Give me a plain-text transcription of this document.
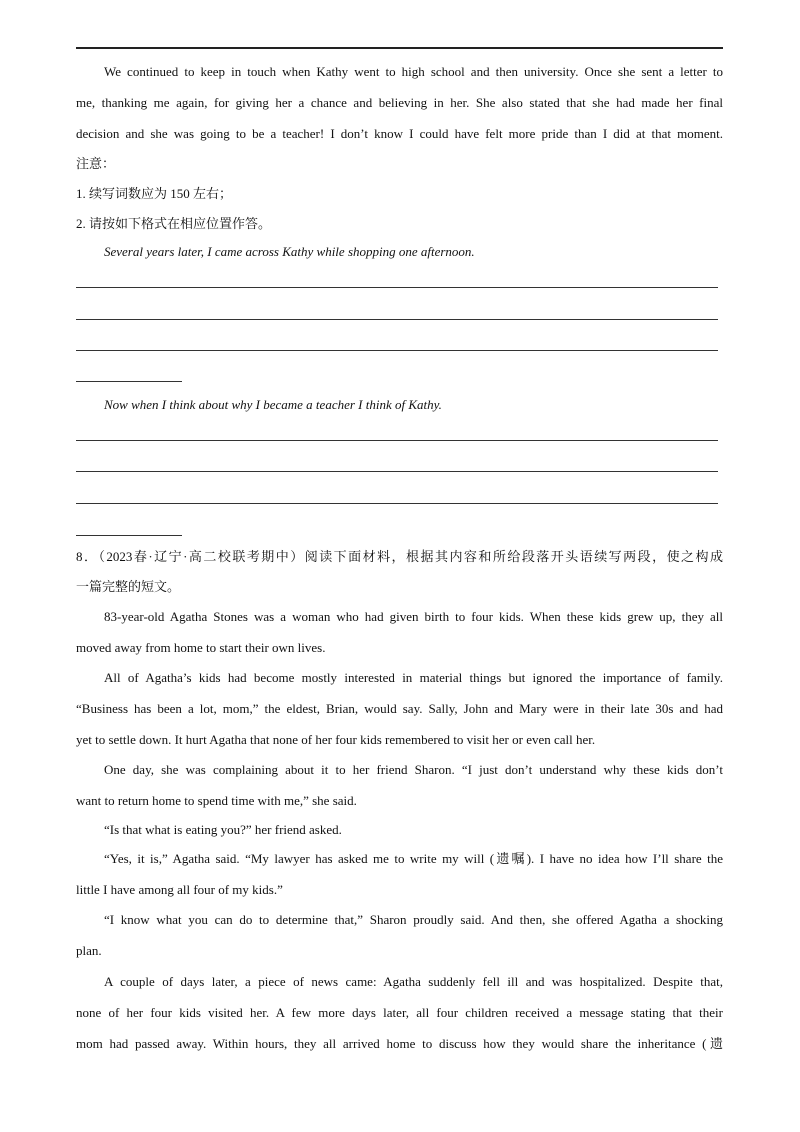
We continued to keep in touch when Kathy went to high school and then university. Once she sent a letter to
me, thanking me again, for giving her a chance and believing in her. She also stated that she had made her final
decision and she was going to be a teacher! I don’t know I could have felt more pride than I did at that moment.
注意：
1. 续写词数应为 150 左右；
2. 请按如下格式在相应位置作答。
Several years later, I came across Kathy while shopping one afternoon.
Now when I think about why I became a teacher I think of Kathy.
8．（2023春·辽宁·高二校联考期中）阅读下面材料，根据其内容和所给段落开头语续写两段，使之构成
一篇完整的短文。
83-year-old Agatha Stones was a woman who had given birth to four kids. When these kids grew up, they all
moved away from home to start their own lives.
All of Agatha’s kids had become mostly interested in material things but ignored the importance of family.
“Business has been a lot, mom,” the eldest, Brian, would say. Sally, John and Mary were in their late 30s and had
yet to settle down. It hurt Agatha that none of her four kids remembered to visit her or even call her.
One day, she was complaining about it to her friend Sharon. “I just don’t understand why these kids don’t
want to return home to spend time with me,” she said.
“Is that what is eating you?” her friend asked.
“Yes, it is,” Agatha said. “My lawyer has asked me to write my will (遗嘱). I have no idea how I’ll share the
little I have among all four of my kids.”
“I know what you can do to determine that,” Sharon proudly said. And then, she offered Agatha a shocking
plan.
A couple of days later, a piece of news came: Agatha suddenly fell ill and was hospitalized. Despite that,
none of her four kids visited her. A few more days later, all four children received a message stating that their
mom had passed away. Within hours, they all arrived home to discuss how they would share the inheritance (遗
